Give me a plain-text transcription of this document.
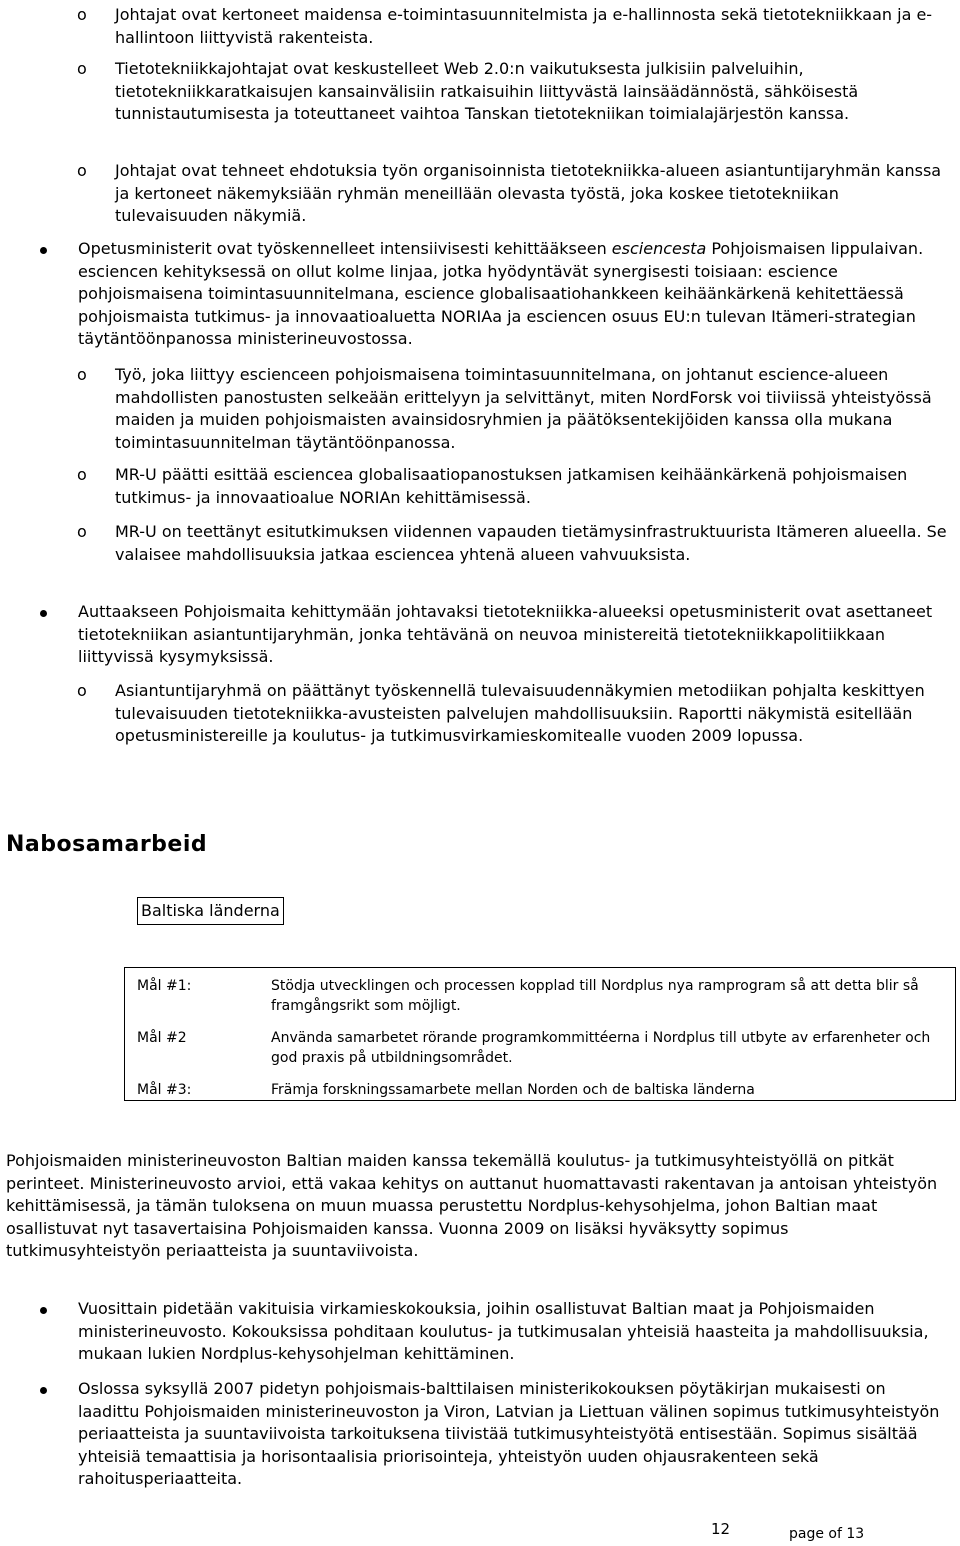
o	Johtajat ovat kertoneet maidensa e-toimintasuunnitelmista ja e-hallinnosta sekä tietotekniikkaan ja e-hallintoon liittyvistä rakenteista.

o	Tietotekniikkajohtajat ovat keskustelleet Web 2.0:n vaikutuksesta julkisiin palveluihin, tietotekniikkaratkaisujen kansainvälisiin ratkaisuihin liittyvästä lainsäädännöstä, sähköisestä tunnistautumisesta ja toteuttaneet vaihtoa Tanskan tietotekniikan toimialajärjestön kanssa.

o	Johtajat ovat tehneet ehdotuksia työn organisoinnista tietotekniikka-alueen asiantuntijaryhmän kanssa ja kertoneet näkemyksiään ryhmän meneillään olevasta työstä, joka koskee tietotekniikan tulevaisuuden näkymiä.

Opetusministerit ovat työskennelleet intensiivisesti kehittääkseen esciencesta Pohjoismaisen lippulaivan. esciencen kehityksessä on ollut kolme linjaa, jotka hyödyntävät synergisesti toisiaan: escience pohjoismaisena toimintasuunnitelmana, escience globalisaatiohankkeen keihäänkärkenä kehitettäessä pohjoismaista tutkimus- ja innovaatioaluetta NORIAa ja esciencen osuus EU:n tulevan Itämeri-strategian täytäntöönpanossa ministerineuvostossa.

o	Työ, joka liittyy escienceen pohjoismaisena toimintasuunnitelmana, on johtanut escience-alueen mahdollisten panostusten selkeään erittelyyn ja selvittänyt, miten NordForsk voi tiiviissä yhteistyössä maiden ja muiden pohjoismaisten avainsidosryhmien ja päätöksentekijöiden kanssa olla mukana toimintasuunnitelman täytäntöönpanossa.

o	MR-U päätti esittää esciencea globalisaatiopanostuksen jatkamisen keihäänkärkenä pohjoismaisen tutkimus- ja innovaatioalue NORIAn kehittämisessä.

o	MR-U on teettänyt esitutkimuksen viidennen vapauden tietämysinfrastruktuurista Itämeren alueella. Se valaisee mahdollisuuksia jatkaa esciencea yhtenä alueen vahvuuksista.

Auttaakseen Pohjoismaita kehittymään johtavaksi tietotekniikka-alueeksi opetusministerit ovat asettaneet tietotekniikan asiantuntijaryhmän, jonka tehtävänä on neuvoa ministereitä tietotekniikkapolitiikkaan liittyvissä kysymyksissä.

o	Asiantuntijaryhmä on päättänyt työskennellä tulevaisuudennäkymien metodiikan pohjalta keskittyen tulevaisuuden tietotekniikka-avusteisten palvelujen mahdollisuuksiin. Raportti näkymistä esitellään opetusministereille ja koulutus- ja tutkimusvirkamieskomitealle vuoden 2009 lopussa.

Nabosamarbeid
Baltiska länderna
Mål #1:	Stödja utvecklingen och processen kopplad till Nordplus nya ramprogram så att detta blir så framgångsrikt som möjligt.
Mål #2	Använda samarbetet rörande programkommittéerna i Nordplus till utbyte av erfarenheter och god praxis på utbildningsområdet.
Mål #3:	Främja forskningssamarbete mellan Norden och de baltiska länderna

Pohjoismaiden ministerineuvoston Baltian maiden kanssa tekemällä koulutus- ja tutkimusyhteistyöllä on pitkät perinteet. Ministerineuvosto arvioi, että vakaa kehitys on auttanut huomattavasti rakentavan ja antoisan yhteistyön kehittämisessä, ja tämän tuloksena on muun muassa perustettu Nordplus-kehysohjelma, johon Baltian maat osallistuvat nyt tasavertaisina Pohjoismaiden kanssa. Vuonna 2009 on lisäksi hyväksytty sopimus tutkimusyhteistyön periaatteista ja suuntaviivoista.

Vuosittain pidetään vakituisia virkamieskokouksia, joihin osallistuvat Baltian maat ja Pohjoismaiden ministerineuvosto. Kokouksissa pohditaan koulutus- ja tutkimusalan yhteisiä haasteita ja mahdollisuuksia, mukaan lukien Nordplus-kehysohjelman kehittäminen.

Oslossa syksyllä 2007 pidetyn pohjoismais-balttilaisen ministerikokouksen pöytäkirjan mukaisesti on laadittu Pohjoismaiden ministerineuvoston ja Viron, Latvian ja Liettuan välinen sopimus tutkimusyhteistyön periaatteista ja suuntaviivoista tarkoituksena tiivistää tutkimusyhteistyötä entisestään. Sopimus sisältää yhteisiä temaattisia ja horisontaalisia priorisointeja, yhteistyön uuden ohjausrakenteen sekä rahoitusperiaatteita.

12	page of 13
